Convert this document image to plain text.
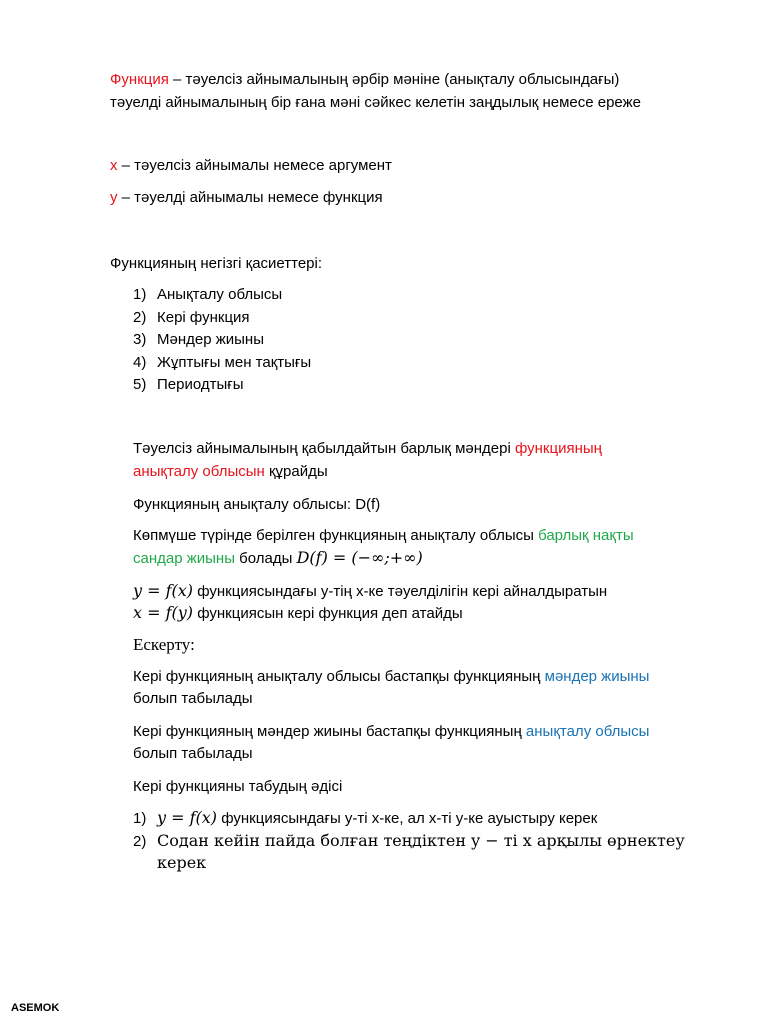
Функция – тәуелсіз айнымалының әрбір мәніне (анықталу облысындағы)
тәуелді айнымалының бір ғана мәні сәйкес келетін заңдылық немесе ереже
x – тәуелсіз айнымалы немесе аргумент
y – тәуелді айнымалы немесе функция
Функцияның негізгі қасиеттері:
1) Анықталу облысы
2) Кері функция
3) Мәндер жиыны
4) Жұптығы мен тақтығы
5) Периодтығы
Тәуелсіз айнымалының қабылдайтын барлық мәндері функцияның
анықталу облысын құрайды
Функцияның анықталу облысы: D(f)
Көпмүше түрінде берілген функцияның анықталу облысы барлық нақты
сандар жиыны болады D(f) = (−∞;+∞)
y = f(x) функциясындағы y-тің x-ке тәуелділігін кері айналдыратын
x = f(y) функциясын кері функция деп атайды
Ескерту:
Кері функцияның анықталу облысы бастапқы функцияның мәндер жиыны
болып табылады
Кері функцияның мәндер жиыны бастапқы функцияның анықталу облысы
болып табылады
Кері функцияны табудың әдісі
1) y = f(x) функциясындағы y-ті x-ке, ал x-ті y-ке ауыстыру керек
2) Содан кейін пайда болған теңдіктен y − ті x арқылы өрнектеу
керек
ASEMOK
